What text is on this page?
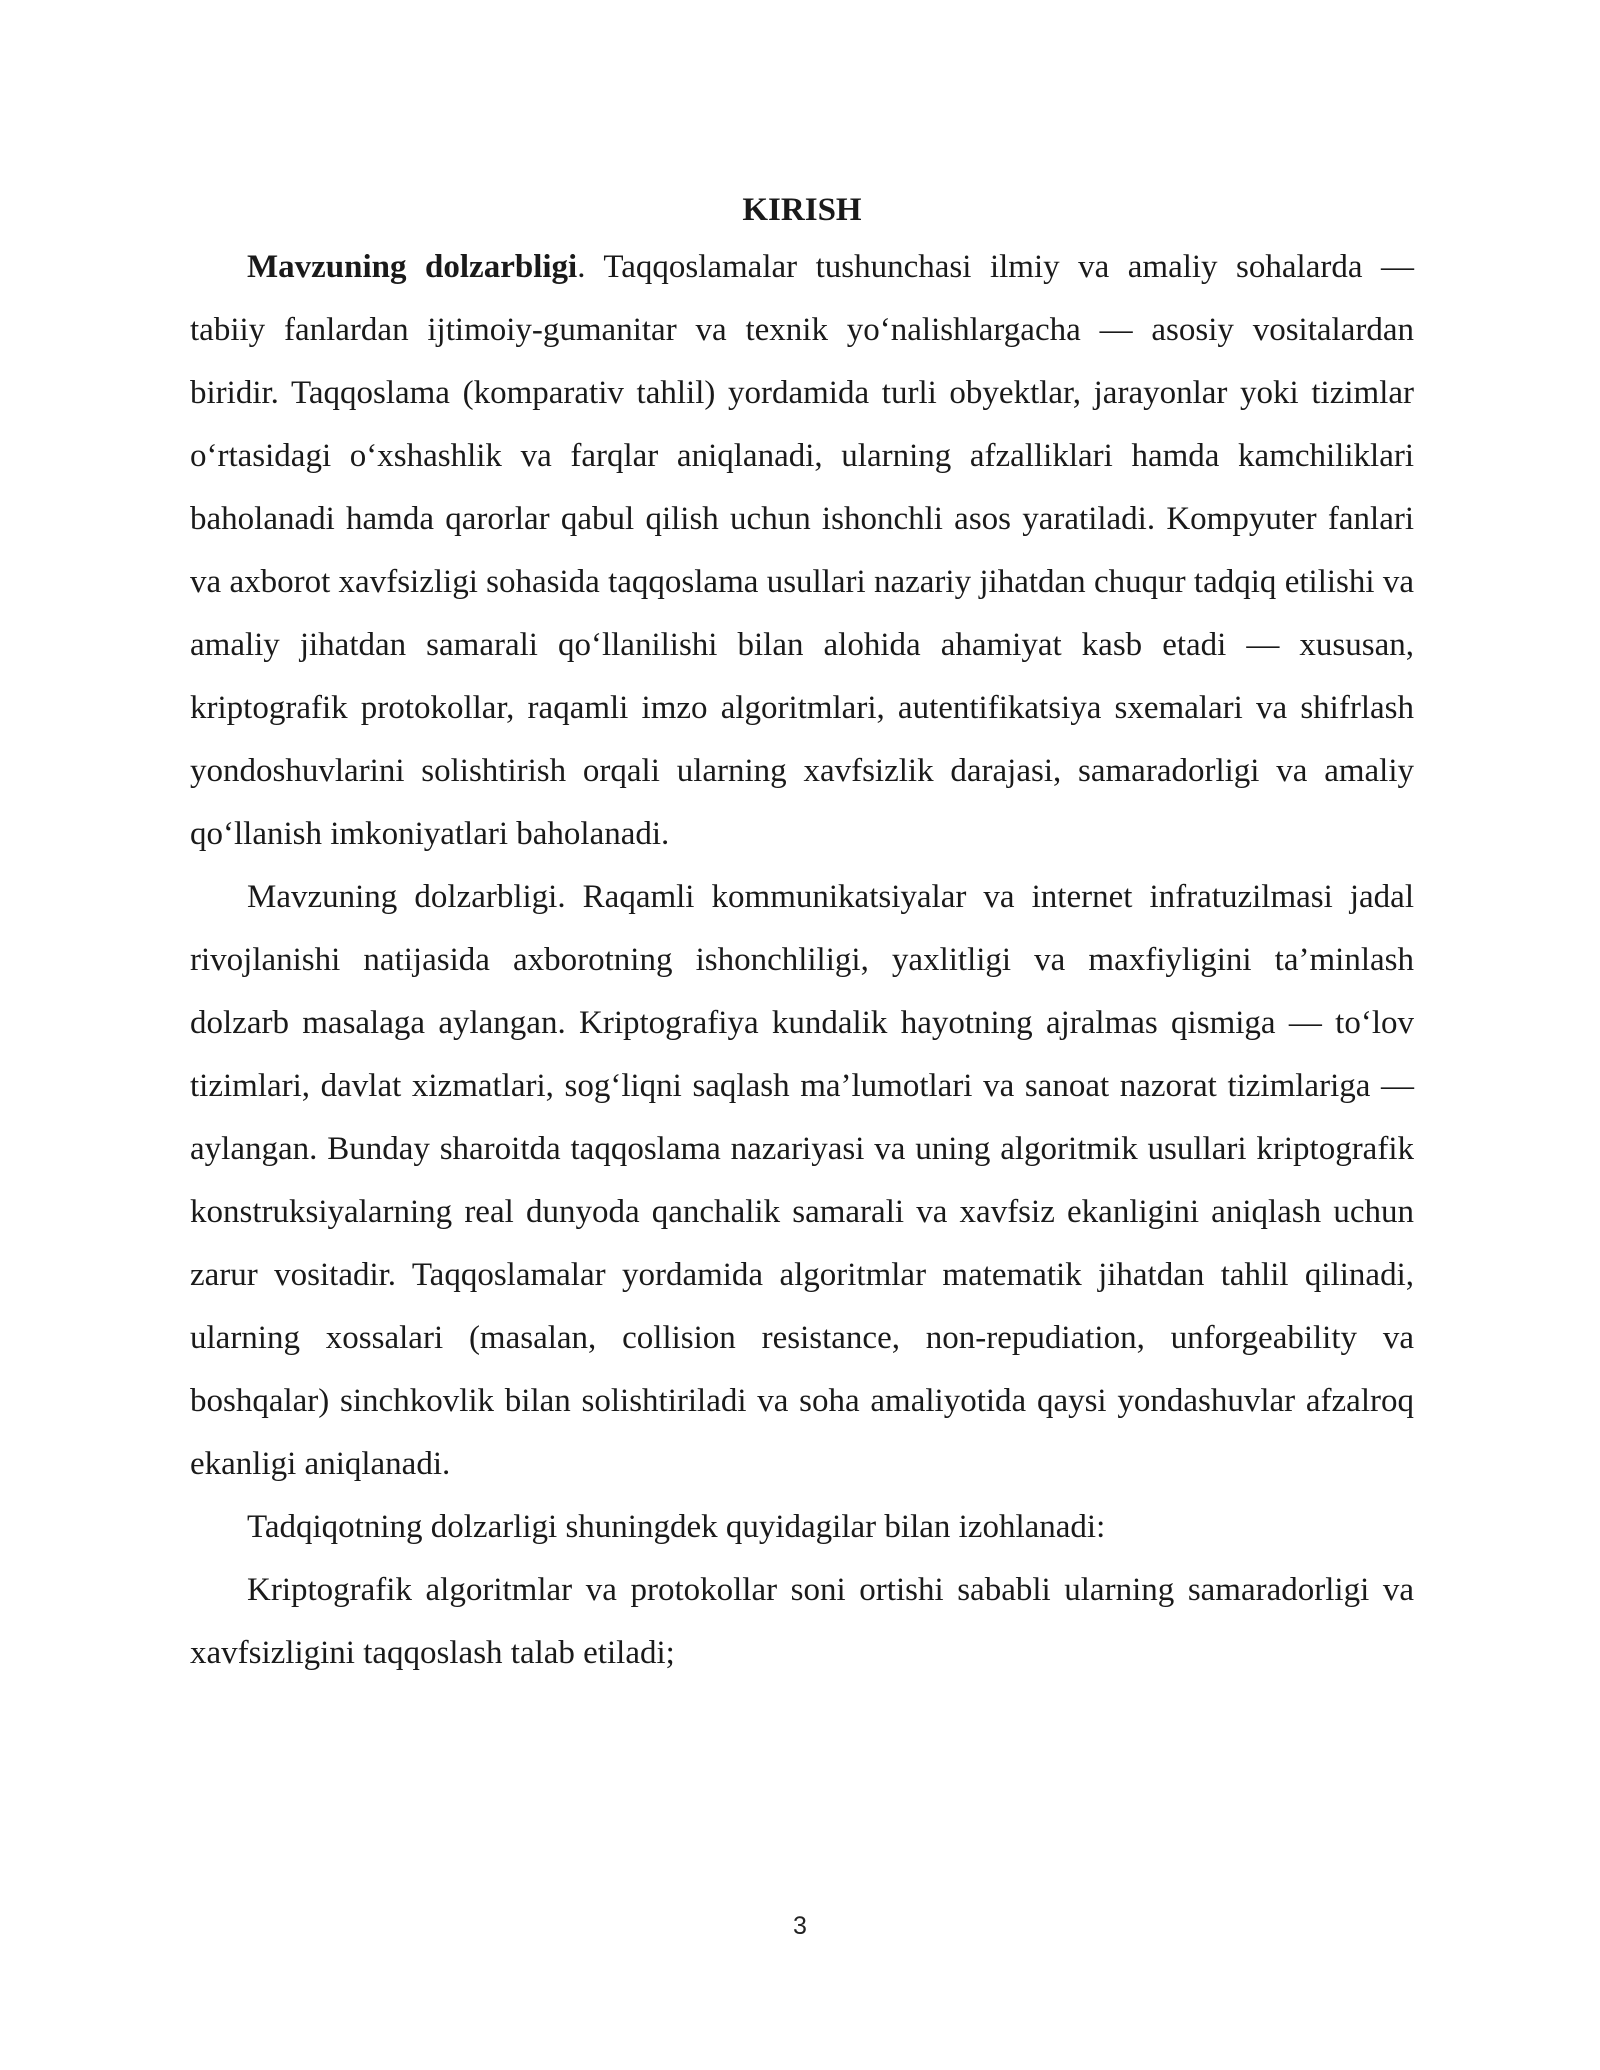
KIRISH

Mavzuning dolzarbligi. Taqqoslamalar tushunchasi ilmiy va amaliy sohalarda — tabiiy fanlardan ijtimoiy-gumanitar va texnik yoʻnalishlargacha — asosiy vositalardan biridir. Taqqoslama (komparativ tahlil) yordamida turli obyektlar, jarayonlar yoki tizimlar oʻrtasidagi oʻxshashlik va farqlar aniqlanadi, ularning afzalliklari hamda kamchiliklari baholanadi hamda qarorlar qabul qilish uchun ishonchli asos yaratiladi. Kompyuter fanlari va axborot xavfsizligi sohasida taqqoslama usullari nazariy jihatdan chuqur tadqiq etilishi va amaliy jihatdan samarali qoʻllanilishi bilan alohida ahamiyat kasb etadi — xususan, kriptografik protokollar, raqamli imzo algoritmlari, autentifikatsiya sxemalari va shifrlash yondoshuvlarini solishtirish orqali ularning xavfsizlik darajasi, samaradorligi va amaliy qoʻllanish imkoniyatlari baholanadi.

Mavzuning dolzarbligi. Raqamli kommunikatsiyalar va internet infratuzilmasi jadal rivojlanishi natijasida axborotning ishonchliligi, yaxlitligi va maxfiyligini ta’minlash dolzarb masalaga aylangan. Kriptografiya kundalik hayotning ajralmas qismiga — toʻlov tizimlari, davlat xizmatlari, sogʻliqni saqlash ma’lumotlari va sanoat nazorat tizimlariga — aylangan. Bunday sharoitda taqqoslama nazariyasi va uning algoritmik usullari kriptografik konstruksiyalarning real dunyoda qanchalik samarali va xavfsiz ekanligini aniqlash uchun zarur vositadir. Taqqoslamalar yordamida algoritmlar matematik jihatdan tahlil qilinadi, ularning xossalari (masalan, collision resistance, non-repudiation, unforgeability va boshqalar) sinchkovlik bilan solishtiriladi va soha amaliyotida qaysi yondashuvlar afzalroq ekanligi aniqlanadi.

Tadqiqotning dolzarligi shuningdek quyidagilar bilan izohlanadi:

Kriptografik algoritmlar va protokollar soni ortishi sababli ularning samaradorligi va xavfsizligini taqqoslash talab etiladi;

3
